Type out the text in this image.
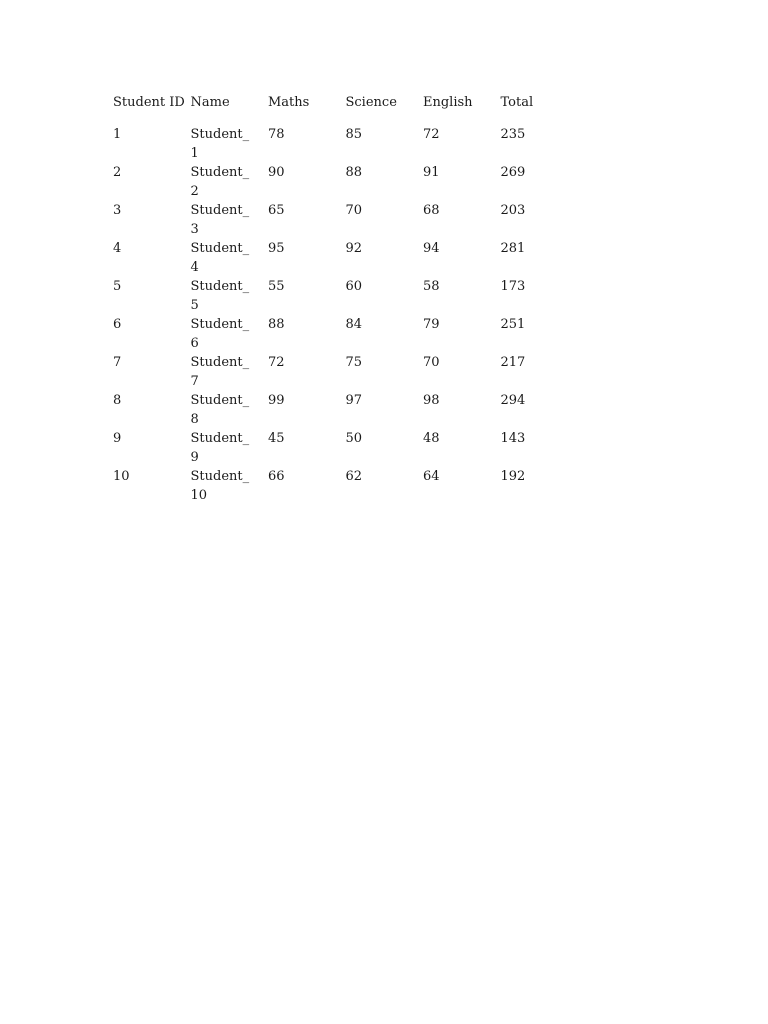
Student ID	Name	Maths	Science	English	Total
1	Student_1	78	85	72	235
2	Student_2	90	88	91	269
3	Student_3	65	70	68	203
4	Student_4	95	92	94	281
5	Student_5	55	60	58	173
6	Student_6	88	84	79	251
7	Student_7	72	75	70	217
8	Student_8	99	97	98	294
9	Student_9	45	50	48	143
10	Student_10	66	62	64	192
